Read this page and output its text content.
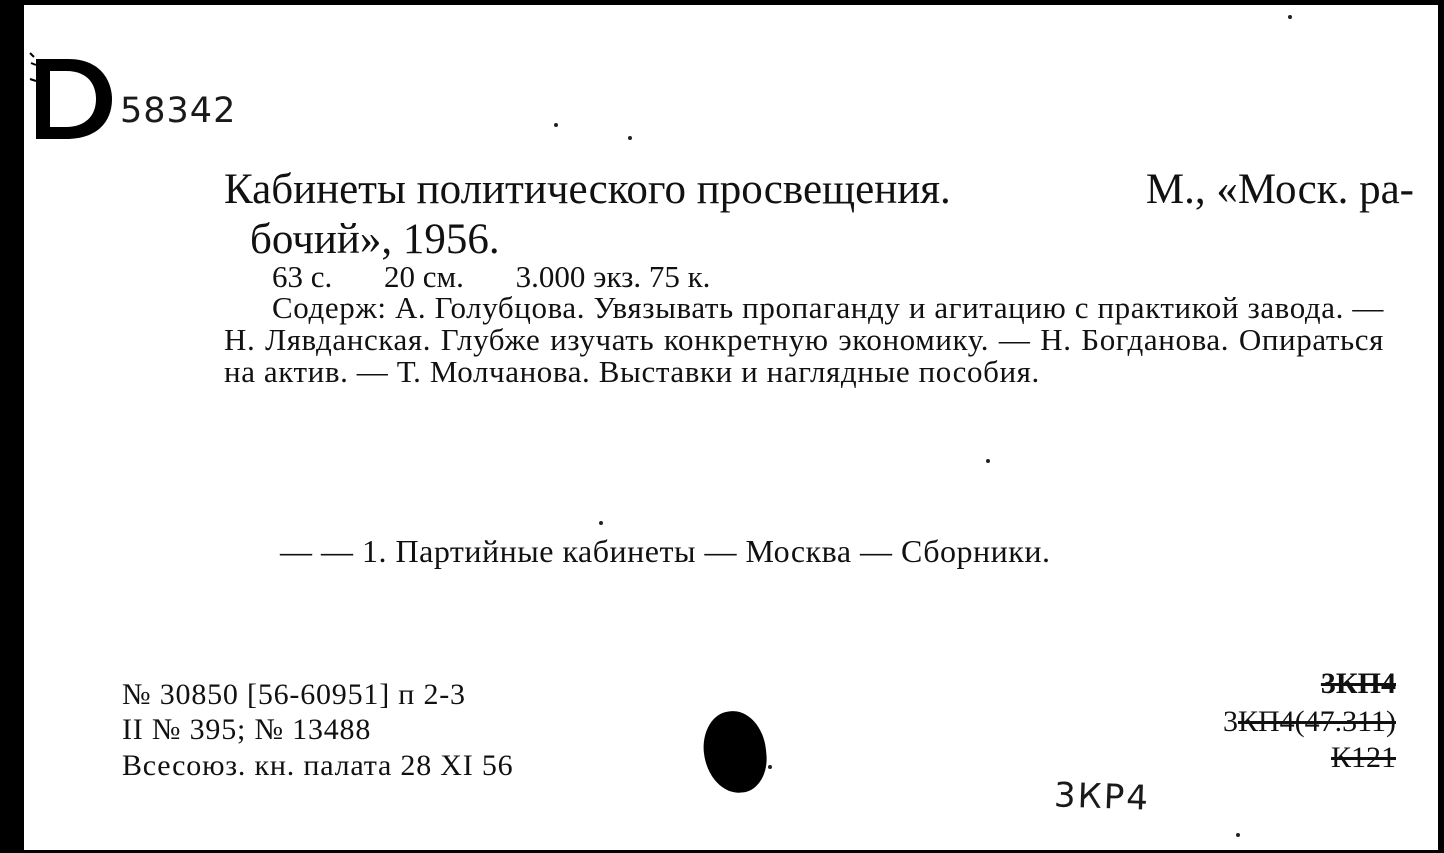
58342
Кабинеты политического просвещения.	М., «Моск. ра-
бочий», 1956.
63 с. 20 см. 3.000 экз. 75 к.
Содерж: А. Голубцова. Увязывать пропаганду и агитацию с практикой завода. — Н. Лявданская. Глубже изучать конкретную экономику. — Н. Богданова. Опираться на актив. — Т. Молчанова. Выставки и наглядные пособия.
— — 1. Партийные кабинеты — Москва — Сборники.
№ 30850 [56-60951] п 2-3
II № 395; № 13488
Всесоюз. кн. палата 28 XI 56
3КП4
3КП4(47.311)
К121
3КР4
